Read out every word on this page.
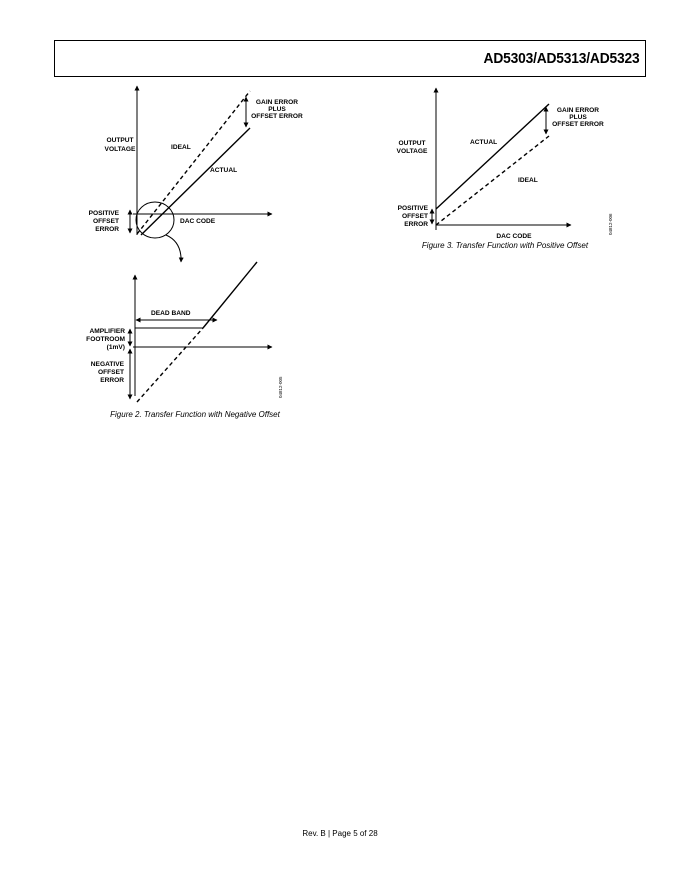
AD5303/AD5313/AD5323
OUTPUT
VOLTAGE	IDEAL
ACTUAL
GAIN ERROR
PLUS
OFFSET ERROR
POSITIVE
OFFSET
ERROR
DAC CODE
DEAD BAND
AMPLIFIER
FOOTROOM
(1mV)
NEGATIVE
OFFSET
ERROR	04812-005
Figure 2. Transfer Function with Negative Offset
OUTPUT
VOLTAGE
ACTUAL
IDEAL
GAIN ERROR
PLUS
OFFSET ERROR
POSITIVE
OFFSET
ERROR
DAC CODE
04812-006
Figure 3. Transfer Function with Positive Offset
Rev. B | Page 5 of 28
